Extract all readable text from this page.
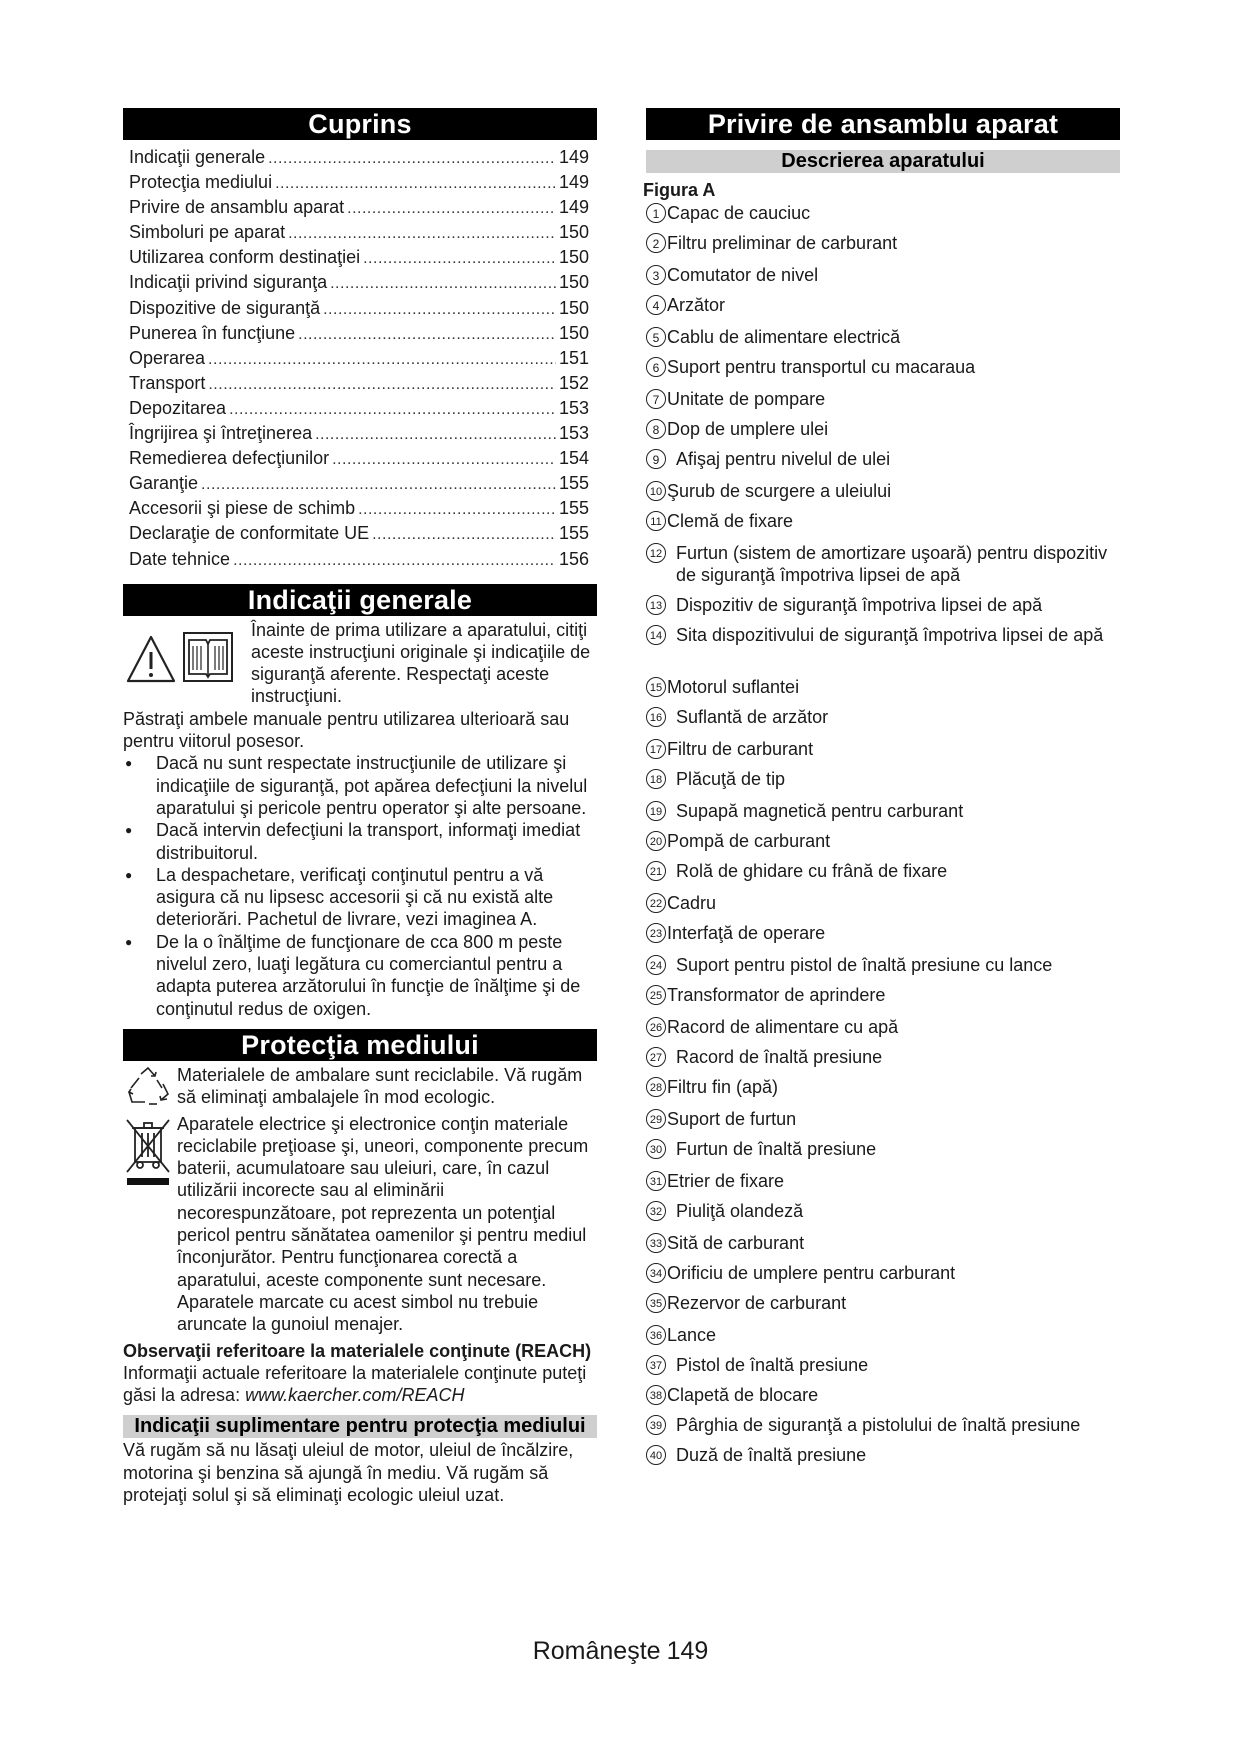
Cuprins
Indicaţii generale .....	149
Protecţia mediului .....	149
Privire de ansamblu aparat .....	149
Simboluri pe aparat .....	150
Utilizarea conform destinaţiei .....	150
Indicaţii privind siguranţa .....	150
Dispozitive de siguranţă .....	150
Punerea în funcţiune .....	150
Operarea .....	151
Transport .....	152
Depozitarea .....	153
Îngrijirea şi întreţinerea .....	153
Remedierea defecţiunilor .....	154
Garanţie .....	155
Accesorii şi piese de schimb .....	155
Declaraţie de conformitate UE .....	155
Date tehnice .....	156
Indicaţii generale

Înainte de prima utilizare a aparatului, citiţi aceste instrucţiuni originale şi indicaţiile de siguranţă aferente. Respectaţi aceste instrucţiuni.

Păstraţi ambele manuale pentru utilizarea ulterioară sau pentru viitorul posesor.

●	Dacă nu sunt respectate instrucţiunile de utilizare şi indicaţiile de siguranţă, pot apărea defecţiuni la nivelul aparatului şi pericole pentru operator şi alte persoane.
●	Dacă intervin defecţiuni la transport, informaţi imediat distribuitorul.
●	La despachetare, verificaţi conţinutul pentru a vă asigura că nu lipsesc accesorii şi că nu există alte deteriorări. Pachetul de livrare, vezi imaginea A.
●	De la o înălţime de funcţionare de cca 800 m peste nivelul zero, luaţi legătura cu comerciantul pentru a adapta puterea arzătorului în funcţie de înălţime şi de conţinutul redus de oxigen.
Protecţia mediului

Materialele de ambalare sunt reciclabile. Vă rugăm să eliminaţi ambalajele în mod ecologic.

Aparatele electrice şi electronice conţin materiale reciclabile preţioase şi, uneori, componente precum baterii, acumulatoare sau uleiuri, care, în cazul utilizării incorecte sau al eliminării necorespunzătoare, pot reprezenta un potenţial pericol pentru sănătatea oamenilor şi pentru mediul înconjurător. Pentru funcţionarea corectă a aparatului, aceste componente sunt necesare. Aparatele marcate cu acest simbol nu trebuie aruncate la gunoiul menajer.

Observaţii referitoare la materialele conţinute (REACH)

Informaţii actuale referitoare la materialele conţinute puteţi găsi la adresa: www.kaercher.com/REACH

Indicaţii suplimentare pentru protecţia mediului

Vă rugăm să nu lăsaţi uleiul de motor, uleiul de încălzire, motorina şi benzina să ajungă în mediu. Vă rugăm să protejaţi solul şi să eliminaţi ecologic uleiul uzat.

Privire de ansamblu aparat
Descrierea aparatului
Figura A
1 Capac de cauciuc
2 Filtru preliminar de carburant
3 Comutator de nivel
4 Arzător
5 Cablu de alimentare electrică
6 Suport pentru transportul cu macaraua
7 Unitate de pompare
8 Dop de umplere ulei
9 Afişaj pentru nivelul de ulei
10 Şurub de scurgere a uleiului
11 Clemă de fixare
12 Furtun (sistem de amortizare uşoară) pentru dispozitiv de siguranţă împotriva lipsei de apă
13 Dispozitiv de siguranţă împotriva lipsei de apă
14 Sita dispozitivului de siguranţă împotriva lipsei de apă
15 Motorul suflantei
16 Suflantă de arzător
17 Filtru de carburant
18 Plăcuţă de tip
19 Supapă magnetică pentru carburant
20 Pompă de carburant
21 Rolă de ghidare cu frână de fixare
22 Cadru
23 Interfaţă de operare
24 Suport pentru pistol de înaltă presiune cu lance
25 Transformator de aprindere
26 Racord de alimentare cu apă
27 Racord de înaltă presiune
28 Filtru fin (apă)
29 Suport de furtun
30 Furtun de înaltă presiune
31 Etrier de fixare
32 Piuliţă olandeză
33 Sită de carburant
34 Orificiu de umplere pentru carburant
35 Rezervor de carburant
36 Lance
37 Pistol de înaltă presiune
38 Clapetă de blocare
39 Pârghia de siguranţă a pistolului de înaltă presiune
40 Duză de înaltă presiune
Româneşte 149
